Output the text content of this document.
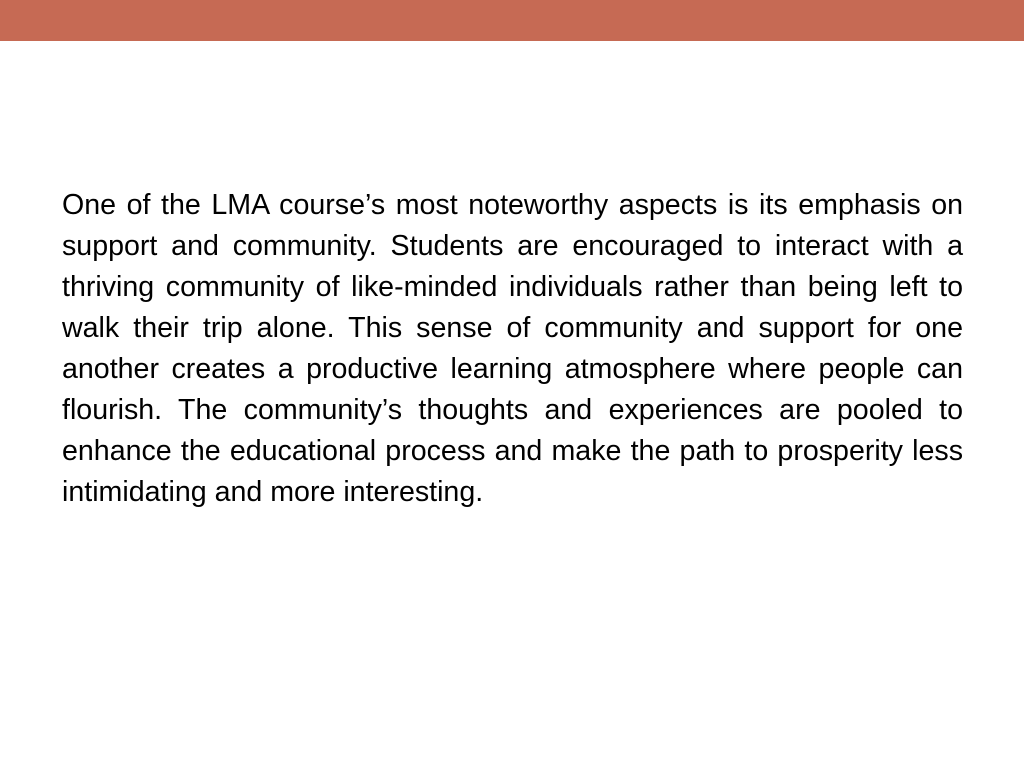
One of the LMA course’s most noteworthy aspects is its emphasis on support and community. Students are encouraged to interact with a thriving community of like-minded individuals rather than being left to walk their trip alone. This sense of community and support for one another creates a productive learning atmosphere where people can flourish. The community’s thoughts and experiences are pooled to enhance the educational process and make the path to prosperity less intimidating and more interesting.
